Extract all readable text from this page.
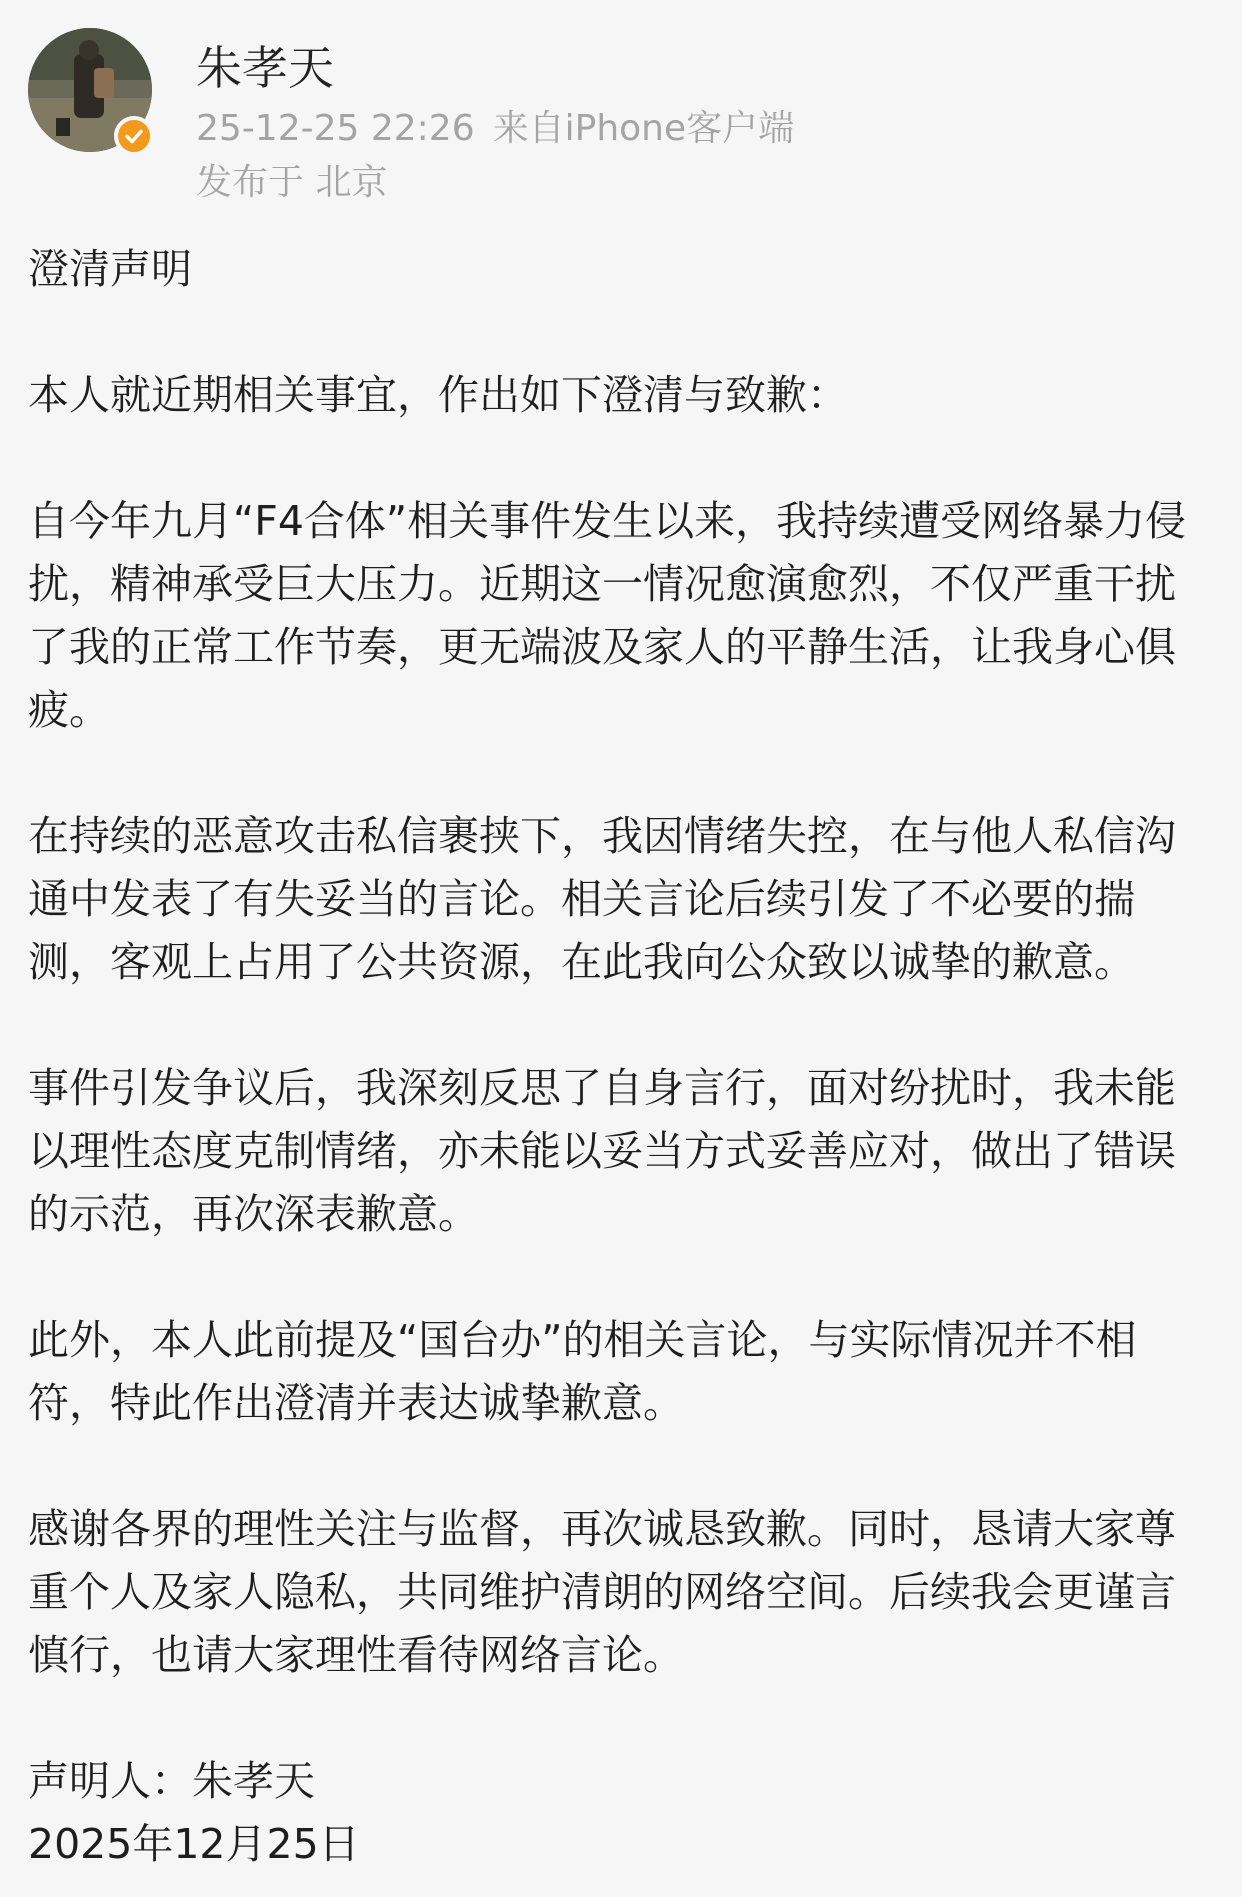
朱孝天
25-12-25 22:26 来自iPhone客户端
发布于 北京

澄清声明

本人就近期相关事宜，作出如下澄清与致歉：

自今年九月“F4合体”相关事件发生以来，我持续遭受网络暴力侵扰，精神承受巨大压力。近期这一情况愈演愈烈，不仅严重干扰了我的正常工作节奏，更无端波及家人的平静生活，让我身心俱疲。

在持续的恶意攻击私信裹挟下，我因情绪失控，在与他人私信沟通中发表了有失妥当的言论。相关言论后续引发了不必要的揣测，客观上占用了公共资源，在此我向公众致以诚挚的歉意。

事件引发争议后，我深刻反思了自身言行，面对纷扰时，我未能以理性态度克制情绪，亦未能以妥当方式妥善应对，做出了错误的示范，再次深表歉意。

此外，本人此前提及“国台办”的相关言论，与实际情况并不相符，特此作出澄清并表达诚挚歉意。

感谢各界的理性关注与监督，再次诚恳致歉。同时，恳请大家尊重个人及家人隐私，共同维护清朗的网络空间。后续我会更谨言慎行，也请大家理性看待网络言论。

声明人：朱孝天

2025年12月25日
